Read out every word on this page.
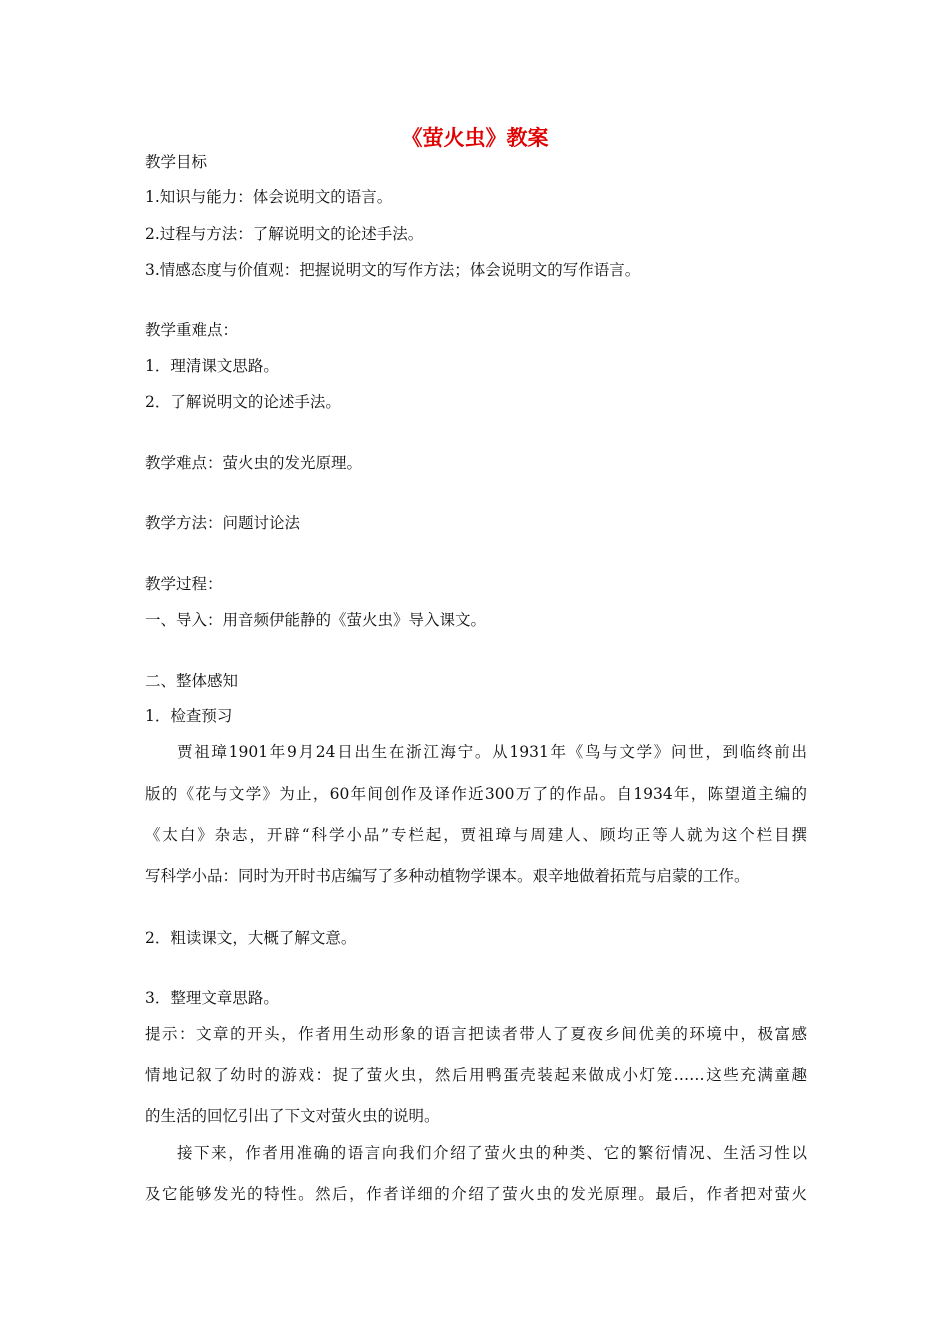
《萤火虫》教案
教学目标
1.知识与能力：体会说明文的语言。
2.过程与方法：了解说明文的论述手法。
3.情感态度与价值观：把握说明文的写作方法；体会说明文的写作语言。
教学重难点：
1．理清课文思路。
2．了解说明文的论述手法。
教学难点：萤火虫的发光原理。
教学方法：问题讨论法
教学过程：
一、导入：用音频伊能静的《萤火虫》导入课文。
二、整体感知
1．检查预习
贾祖璋1901年9月24日出生在浙江海宁。从1931年《鸟与文学》问世，到临终前出
版的《花与文学》为止，60年间创作及译作近300万了的作品。自1934年，陈望道主编的
《太白》杂志，开辟“科学小品”专栏起，贾祖璋与周建人、顾均正等人就为这个栏目撰
写科学小品：同时为开时书店编写了多种动植物学课本。艰辛地做着拓荒与启蒙的工作。
2．粗读课文，大概了解文意。
3．整理文章思路。
提示：文章的开头，作者用生动形象的语言把读者带人了夏夜乡间优美的环境中，极富感
情地记叙了幼时的游戏：捉了萤火虫，然后用鸭蛋壳装起来做成小灯笼……这些充满童趣
的生活的回忆引出了下文对萤火虫的说明。
接下来，作者用准确的语言向我们介绍了萤火虫的种类、它的繁衍情况、生活习性以
及它能够发光的特性。然后，作者详细的介绍了萤火虫的发光原理。最后，作者把对萤火
